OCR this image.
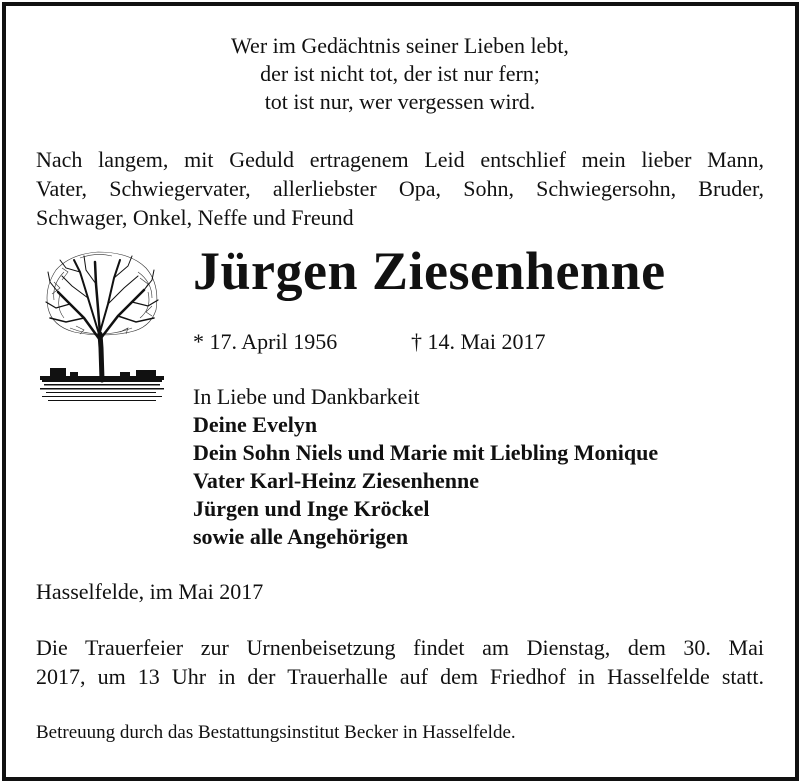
Wer im Gedächtnis seiner Lieben lebt,
der ist nicht tot, der ist nur fern;
tot ist nur, wer vergessen wird.
Nach langem, mit Geduld ertragenem Leid entschlief mein lieber Mann,
Vater, Schwiegervater, allerliebster Opa, Sohn, Schwiegersohn, Bruder,
Schwager, Onkel, Neffe und Freund
Jürgen Ziesenhenne
* 17. April 1956	† 14. Mai 2017
In Liebe und Dankbarkeit
Deine Evelyn
Dein Sohn Niels und Marie mit Liebling Monique
Vater Karl-Heinz Ziesenhenne
Jürgen und Inge Kröckel
sowie alle Angehörigen
Hasselfelde, im Mai 2017
Die Trauerfeier zur Urnenbeisetzung findet am Dienstag, dem 30. Mai
2017, um 13 Uhr in der Trauerhalle auf dem Friedhof in Hasselfelde statt.
Betreuung durch das Bestattungsinstitut Becker in Hasselfelde.
